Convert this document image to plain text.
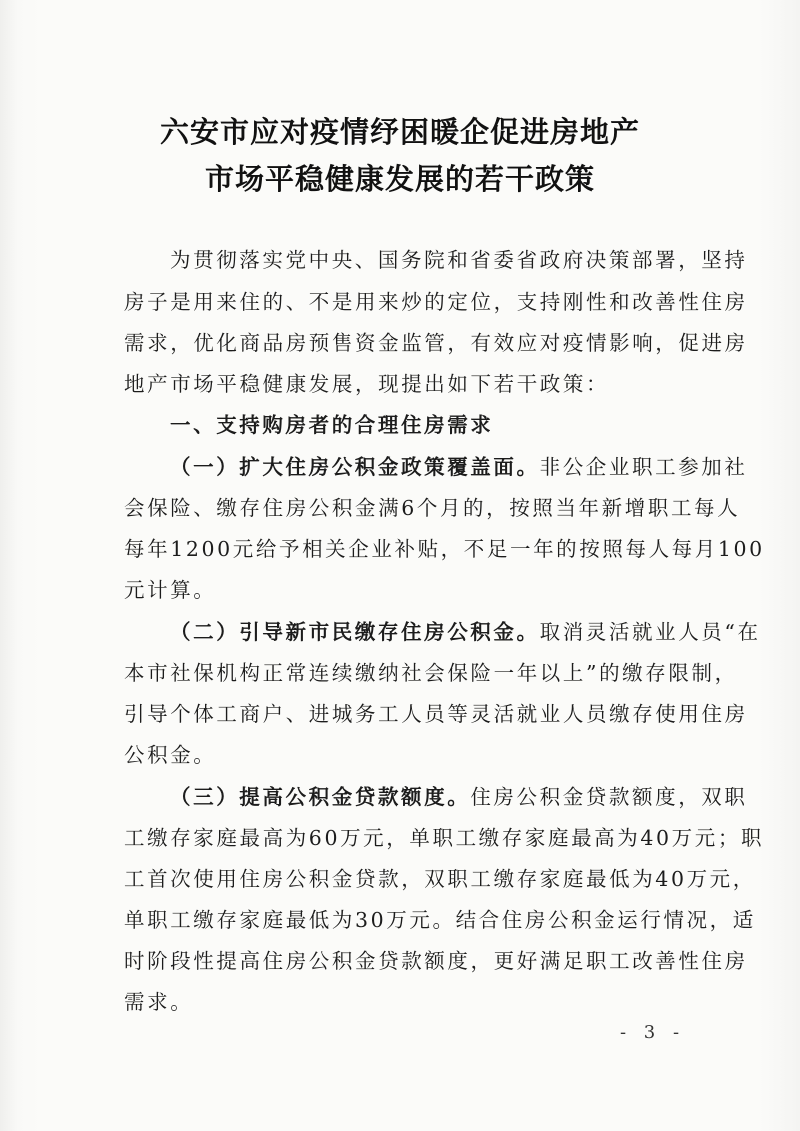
六安市应对疫情纾困暖企促进房地产
市场平稳健康发展的若干政策
为贯彻落实党中央、国务院和省委省政府决策部署，坚持
房子是用来住的、不是用来炒的定位，支持刚性和改善性住房
需求，优化商品房预售资金监管，有效应对疫情影响，促进房
地产市场平稳健康发展，现提出如下若干政策：
一、支持购房者的合理住房需求
（一）扩大住房公积金政策覆盖面。非公企业职工参加社
会保险、缴存住房公积金满6个月的，按照当年新增职工每人
每年1200元给予相关企业补贴，不足一年的按照每人每月100
元计算。
（二）引导新市民缴存住房公积金。取消灵活就业人员“在
本市社保机构正常连续缴纳社会保险一年以上”的缴存限制，
引导个体工商户、进城务工人员等灵活就业人员缴存使用住房
公积金。
（三）提高公积金贷款额度。住房公积金贷款额度，双职
工缴存家庭最高为60万元，单职工缴存家庭最高为40万元；职
工首次使用住房公积金贷款，双职工缴存家庭最低为40万元，
单职工缴存家庭最低为30万元。结合住房公积金运行情况，适
时阶段性提高住房公积金贷款额度，更好满足职工改善性住房
需求。
- 3 -
